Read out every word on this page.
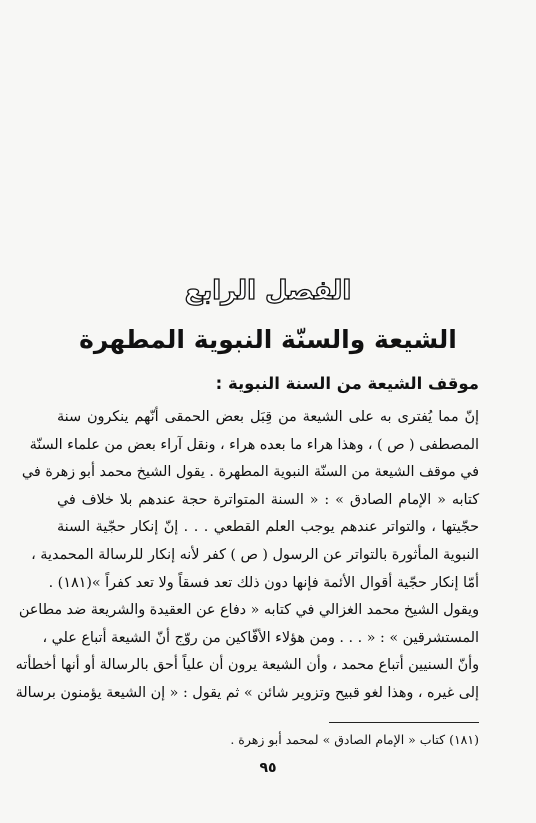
الفصل الرابع
الشيعة والسنّة النبوية المطهرة
موقف الشيعة من السنة النبوية :
إنّ مما يُفترى به على الشيعة من قِبَل بعض الحمقى أنّهم ينكرون سنة
المصطفى ( ص ) ، وهذا هراء ما بعده هراء ، ونقل آراء بعض من علماء السنّة
في موقف الشيعة من السنّة النبوية المطهرة . يقول الشيخ محمد أبو زهرة في
كتابه « الإمام الصادق » : « السنة المتواترة حجة عندهم بلا خلاف في
حجّيتها ، والتواتر عندهم يوجب العلم القطعي . . . إنّ إنكار حجّية السنة
النبوية المأثورة بالتواتر عن الرسول ( ص ) كفر لأنه إنكار للرسالة المحمدية ،
أمّا إنكار حجّية أقوال الأئمة فإنها دون ذلك تعد فسقاً ولا تعد كفراً »(١٨١) .
ويقول الشيخ محمد الغزالي في كتابه « دفاع عن العقيدة والشريعة ضد مطاعن
المستشرقين » : « . . . ومن هؤلاء الأفّاكين من روّج أنّ الشيعة أتباع علي ،
وأنّ السنيين أتباع محمد ، وأن الشيعة يرون أن علياً أحق بالرسالة أو أنها أخطأته
إلى غيره ، وهذا لغو قبيح وتزوير شائن » ثم يقول : « إن الشيعة يؤمنون برسالة
(١٨١) كتاب « الإمام الصادق » لمحمد أبو زهرة .
٩٥
